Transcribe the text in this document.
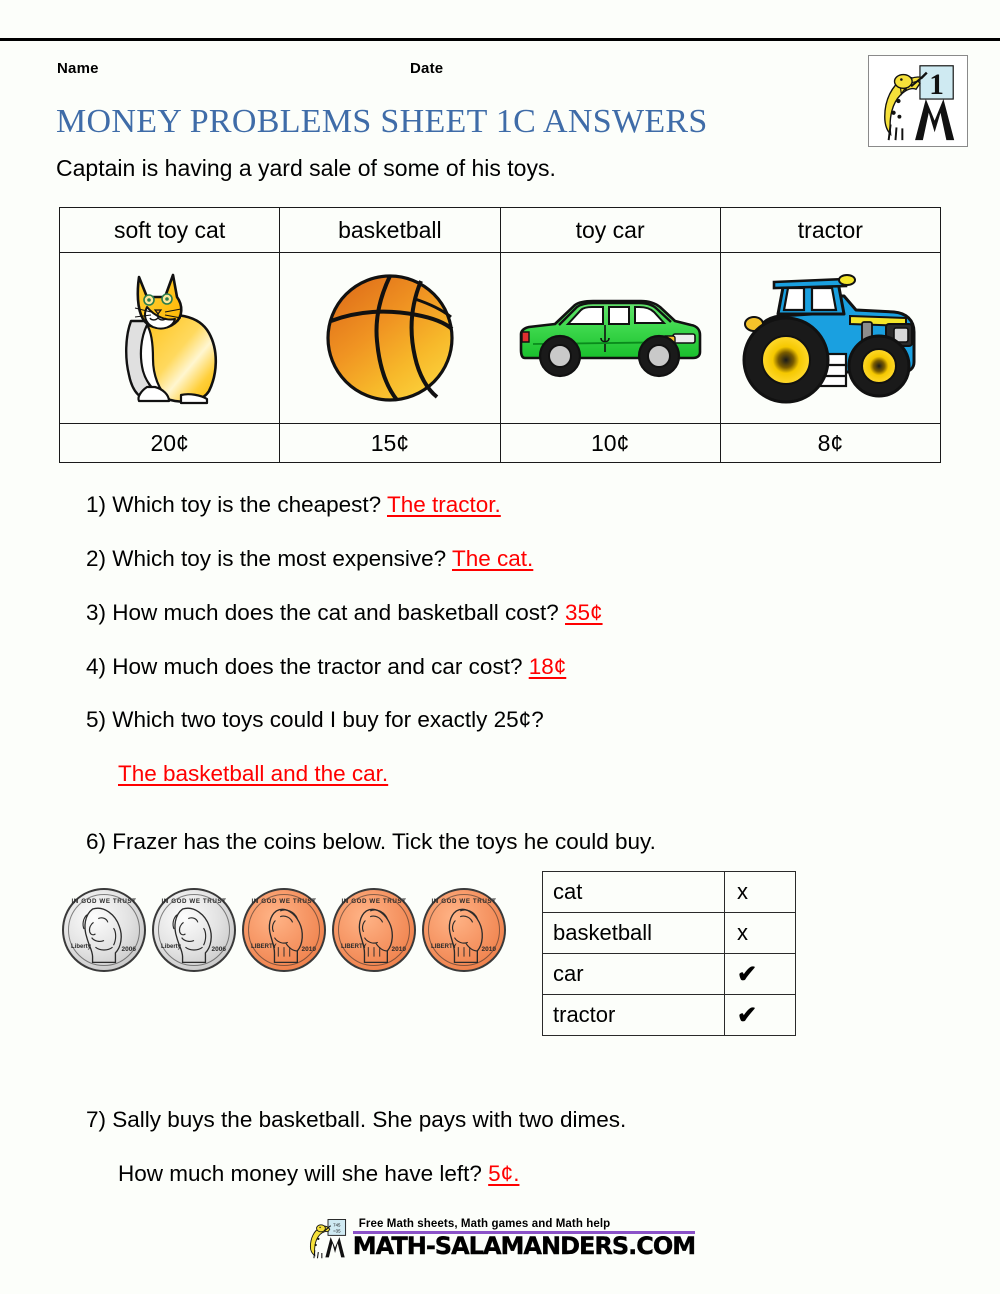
Name	Date
1
MONEY PROBLEMS SHEET 1C ANSWERS
Captain is having a yard sale of some of his toys.
soft toy cat	basketball	toy car	tractor

20¢	15¢	10¢	8¢
1) Which toy is the cheapest? The tractor.
2) Which toy is the most expensive? The cat.
3) How much does the cat and basketball cost? 35¢
4) How much does the tractor and car cost? 18¢
5) Which two toys could I buy for exactly 25¢?
The basketball and the car.
6) Frazer has the coins below. Tick the toys he could buy.
IN GOD WE TRUST
Liberty	2006
IN GOD WE TRUST
Liberty	2006
IN GOD WE TRUST
LIBERTY	2010
IN GOD WE TRUST
LIBERTY	2010
IN GOD WE TRUST
LIBERTY	2010
cat	x
basketball	x
car	✔
tractor	✔
7) Sally buys the basketball. She pays with two dimes.
How much money will she have left? 5¢.
745
=35
Free Math sheets, Math games and Math help
MATH-SALAMANDERS.COM
